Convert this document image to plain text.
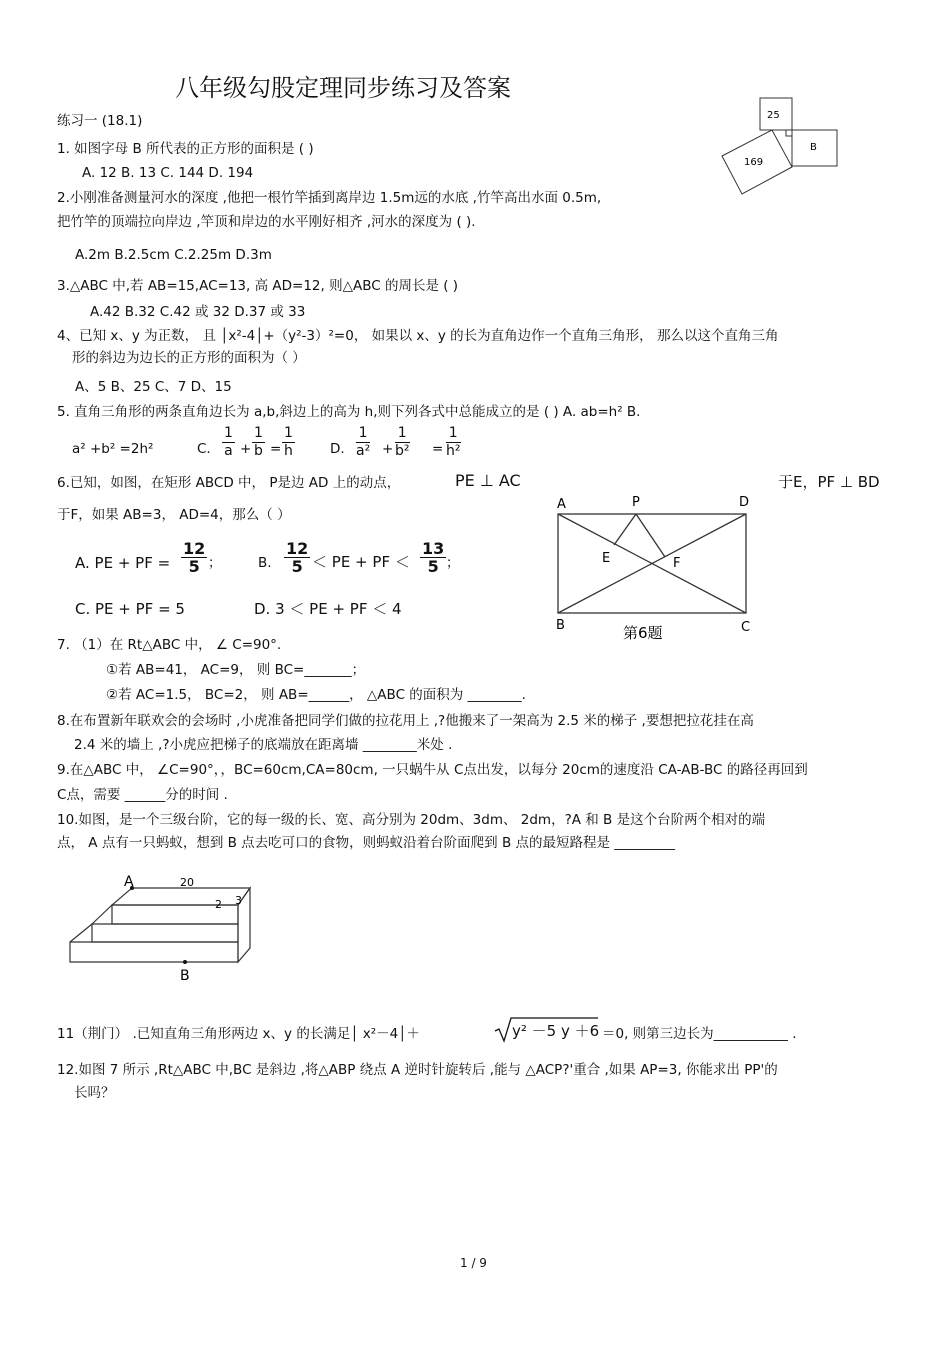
八年级勾股定理同步练习及答案
练习一 (18.1)	25
169
B
1. 如图字母 B 所代表的正方形的面积是 ( )
A. 12 B. 13 C. 144 D. 194
2.小刚准备测量河水的深度 ,他把一根竹竿插到离岸边 1.5m远的水底 ,竹竿高出水面 0.5m,
把竹竿的顶端拉向岸边 ,竿顶和岸边的水平刚好相齐 ,河水的深度为 ( ).
A.2m B.2.5cm C.2.25m D.3m
3.△ABC 中,若 AB=15,AC=13, 高 AD=12, 则△ABC 的周长是 ( )
A.42 B.32 C.42 或 32 D.37 或 33
4、已知 x、y 为正数， 且 │x²-4│+（y²-3）²=0， 如果以 x、y 的长为直角边作一个直角三角形， 那么以这个直角三角
形的斜边为边长的正方形的面积为（ ）
A、5 B、25 C、7 D、15
5. 直角三角形的两条直角边长为 a,b,斜边上的高为 h,则下列各式中总能成立的是 ( ) A. ab=h² B.
a² +b² =2h²	C. $\frac{1}{a} + \frac{1}{b} = \frac{1}{h}$	D. $\frac{1}{\text{a²}} + \frac{1}{\text{b²}} = \frac{1}{\text{h²}}$
6.已知，如图，在矩形 ABCD 中， P是边 AD 上的动点，	PE ⊥ AC	于E，PF ⊥ BD
于F，如果 AB=3， AD=4，那么（ ）
A. PE + PF = $\frac{12}{5}$ ；	B. $\frac{12}{5}$ ＜ PE + PF ＜ $\frac{13}{5}$ ；
C. PE + PF = 5	D. 3 ＜ PE + PF ＜ 4
A	P	D
E	F
B	C
第6题
7. （1）在 Rt△ABC 中， ∠ C=90°.
①若 AB=41， AC=9， 则 BC=_______；
②若 AC=1.5， BC=2， 则 AB=______， △ABC 的面积为 ________.
8.在布置新年联欢会的会场时 ,小虎准备把同学们做的拉花用上 ,?他搬来了一架高为 2.5 米的梯子 ,要想把拉花挂在高
2.4 米的墙上 ,?小虎应把梯子的底端放在距离墙 ________米处 .
9.在△ABC 中， ∠C=90°，，BC=60cm,CA=80cm, 一只蜗牛从 C点出发，以每分 20cm的速度沿 CA-AB-BC 的路径再回到
C点，需要 ______分的时间 .
10.如图，是一个三级台阶，它的每一级的长、宽、高分别为 20dm、3dm、 2dm，?A 和 B 是这个台阶两个相对的端
点， A 点有一只蚂蚁，想到 B 点去吃可口的食物，则蚂蚁沿着台阶面爬到 B 点的最短路程是 _________
A
B
20
2 3
11（荆门） .已知直角三角形两边 x、y 的长满足│ x²－4│＋	y² －5 y ＋6 ＝0, 则第三边长为___________ .
12.如图 7 所示 ,Rt△ABC 中,BC 是斜边 ,将△ABP 绕点 A 逆时针旋转后 ,能与 △ACP?'重合 ,如果 AP=3, 你能求出 PP'的
长吗？
1 / 9
